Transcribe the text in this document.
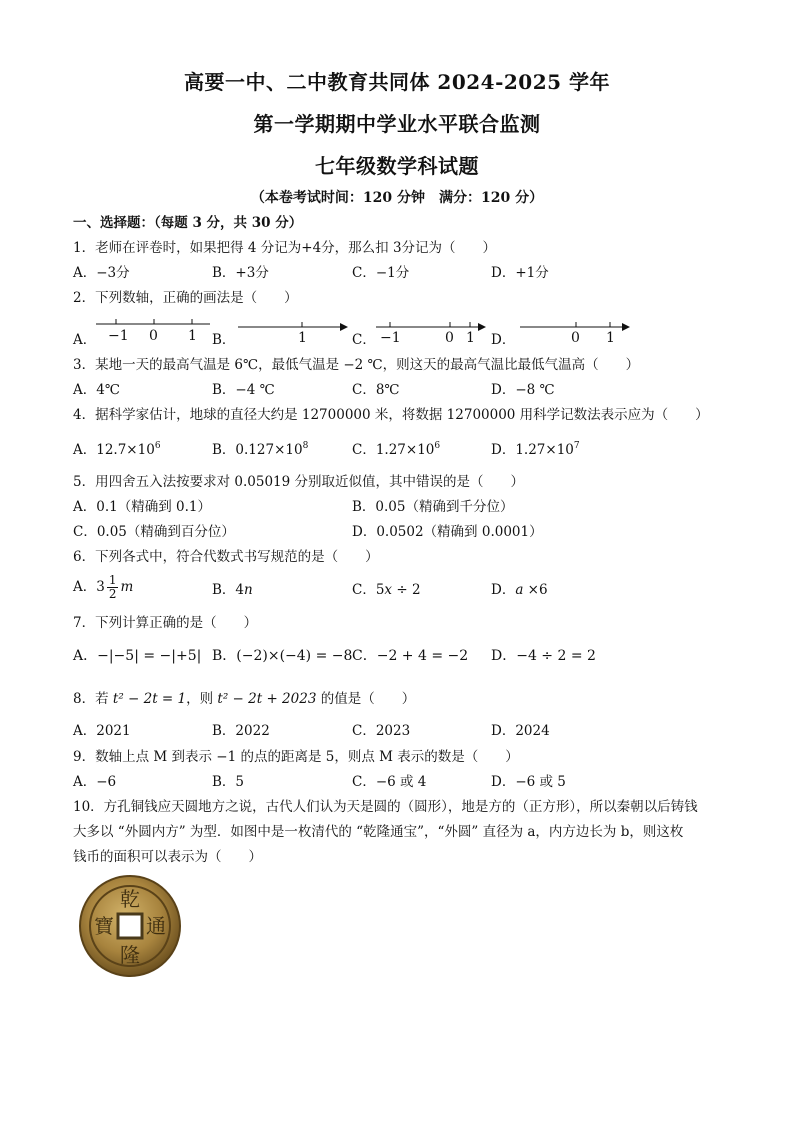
高要一中、二中教育共同体 2024-2025 学年
第一学期期中学业水平联合监测
七年级数学科试题
（本卷考试时间：120 分钟　满分：120 分）
一、选择题：（每题 3 分，共 30 分）
1．老师在评卷时，如果把得 4 分记为+4分，那么扣 3分记为（　　）
A．−3分	B．+3分	C．−1分	D．+1分
2．下列数轴，正确的画法是（　　）
A．	B．	C．	D．
−1 0 1	1	−1	0 1	0 1
3．某地一天的最高气温是 6℃，最低气温是 −2 ℃，则这天的最高气温比最低气温高（　　）
A．4℃	B．−4 ℃	C．8℃	D．−8 ℃
4．据科学家估计，地球的直径大约是 12700000 米，将数据 12700000 用科学记数法表示应为（　　）
A．$12.7\times 10^6$	B．$0.127\times 10^8$	C．$1.27\times 10^6$	D．$1.27\times 10^7$
5．用四舍五入法按要求对 0.05019 分别取近似值，其中错误的是（　　）
A．0.1（精确到 0.1）	B．0.05（精确到千分位）
C．0.05（精确到百分位）	D．0.0502（精确到 0.0001）
6．下列各式中，符合代数式书写规范的是（　　）
A．$3 \frac{1}{2}$ m	B．4n	C．5x ÷ 2	D．a ×6
7．下列计算正确的是（　　）
A．−|−5| = −|+5| B．(−2)×(−4) = −8 C．−2 + 4 = −2 D．−4 ÷ 2 = 2
8．若 t² − 2t = 1，则 t² − 2t + 2023 的值是（　　）
A．2021	B．2022	C．2023	D．2024
9．数轴上点 M 到表示 −1 的点的距离是 5，则点 M 表示的数是（　　）
A．−6	B．5	C．−6 或 4	D．−6 或 5
10．方孔铜钱应天圆地方之说，古代人们认为天是圆的（圆形），地是方的（正方形），所以秦朝以后铸钱
大多以 “外圆内方” 为型．如图中是一枚清代的 “乾隆通宝”，“外圆” 直径为 a，内方边长为 b，则这枚
钱币的面积可以表示为（　　）
乾
隆
通
寶
